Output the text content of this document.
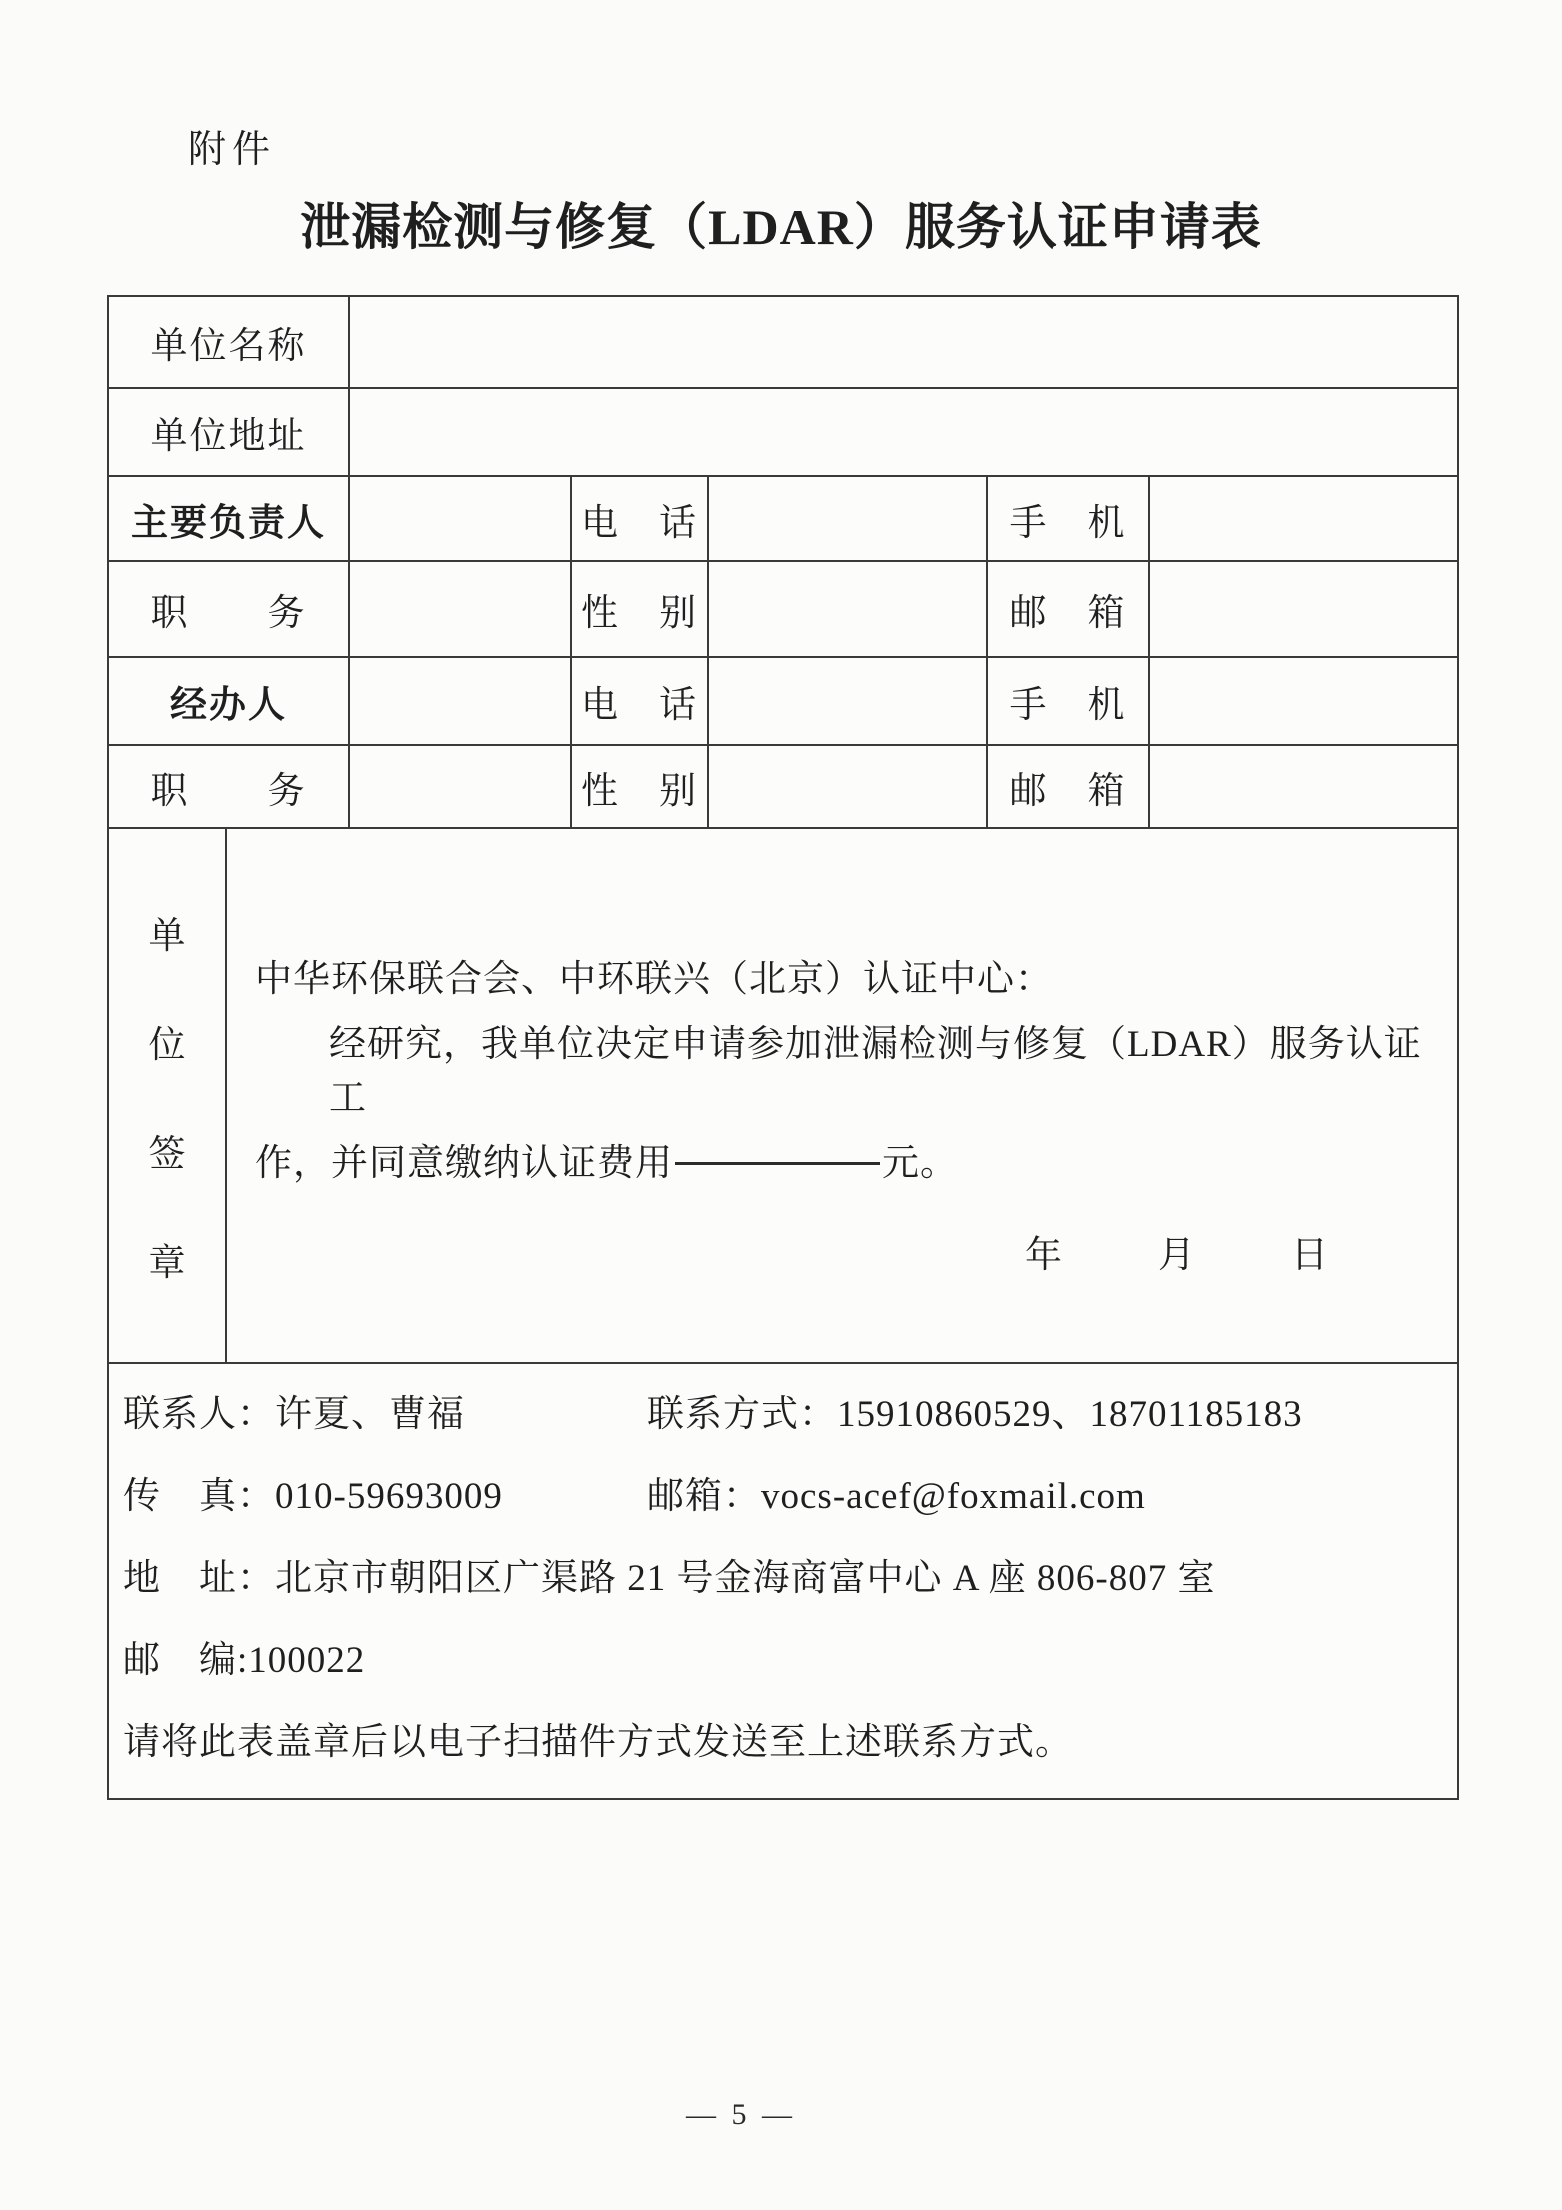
附件
泄漏检测与修复（LDAR）服务认证申请表
单位名称
单位地址
主要负责人	电　话	手　机
职　　务	性　别	邮　箱
经办人	电　话	手　机
职　　务	性　别	邮　箱
单
位
签
章
中华环保联合会、中环联兴（北京）认证中心：
经研究，我单位决定申请参加泄漏检测与修复（LDAR）服务认证工
作，并同意缴纳认证费用	元。
年	月	日
联系人：许夏、曹福	联系方式：15910860529、18701185183
传　真：010-59693009	邮箱：vocs-acef@foxmail.com
地　址：北京市朝阳区广渠路 21 号金海商富中心 A 座 806-807 室
邮　编:100022
请将此表盖章后以电子扫描件方式发送至上述联系方式。
— 5 —
